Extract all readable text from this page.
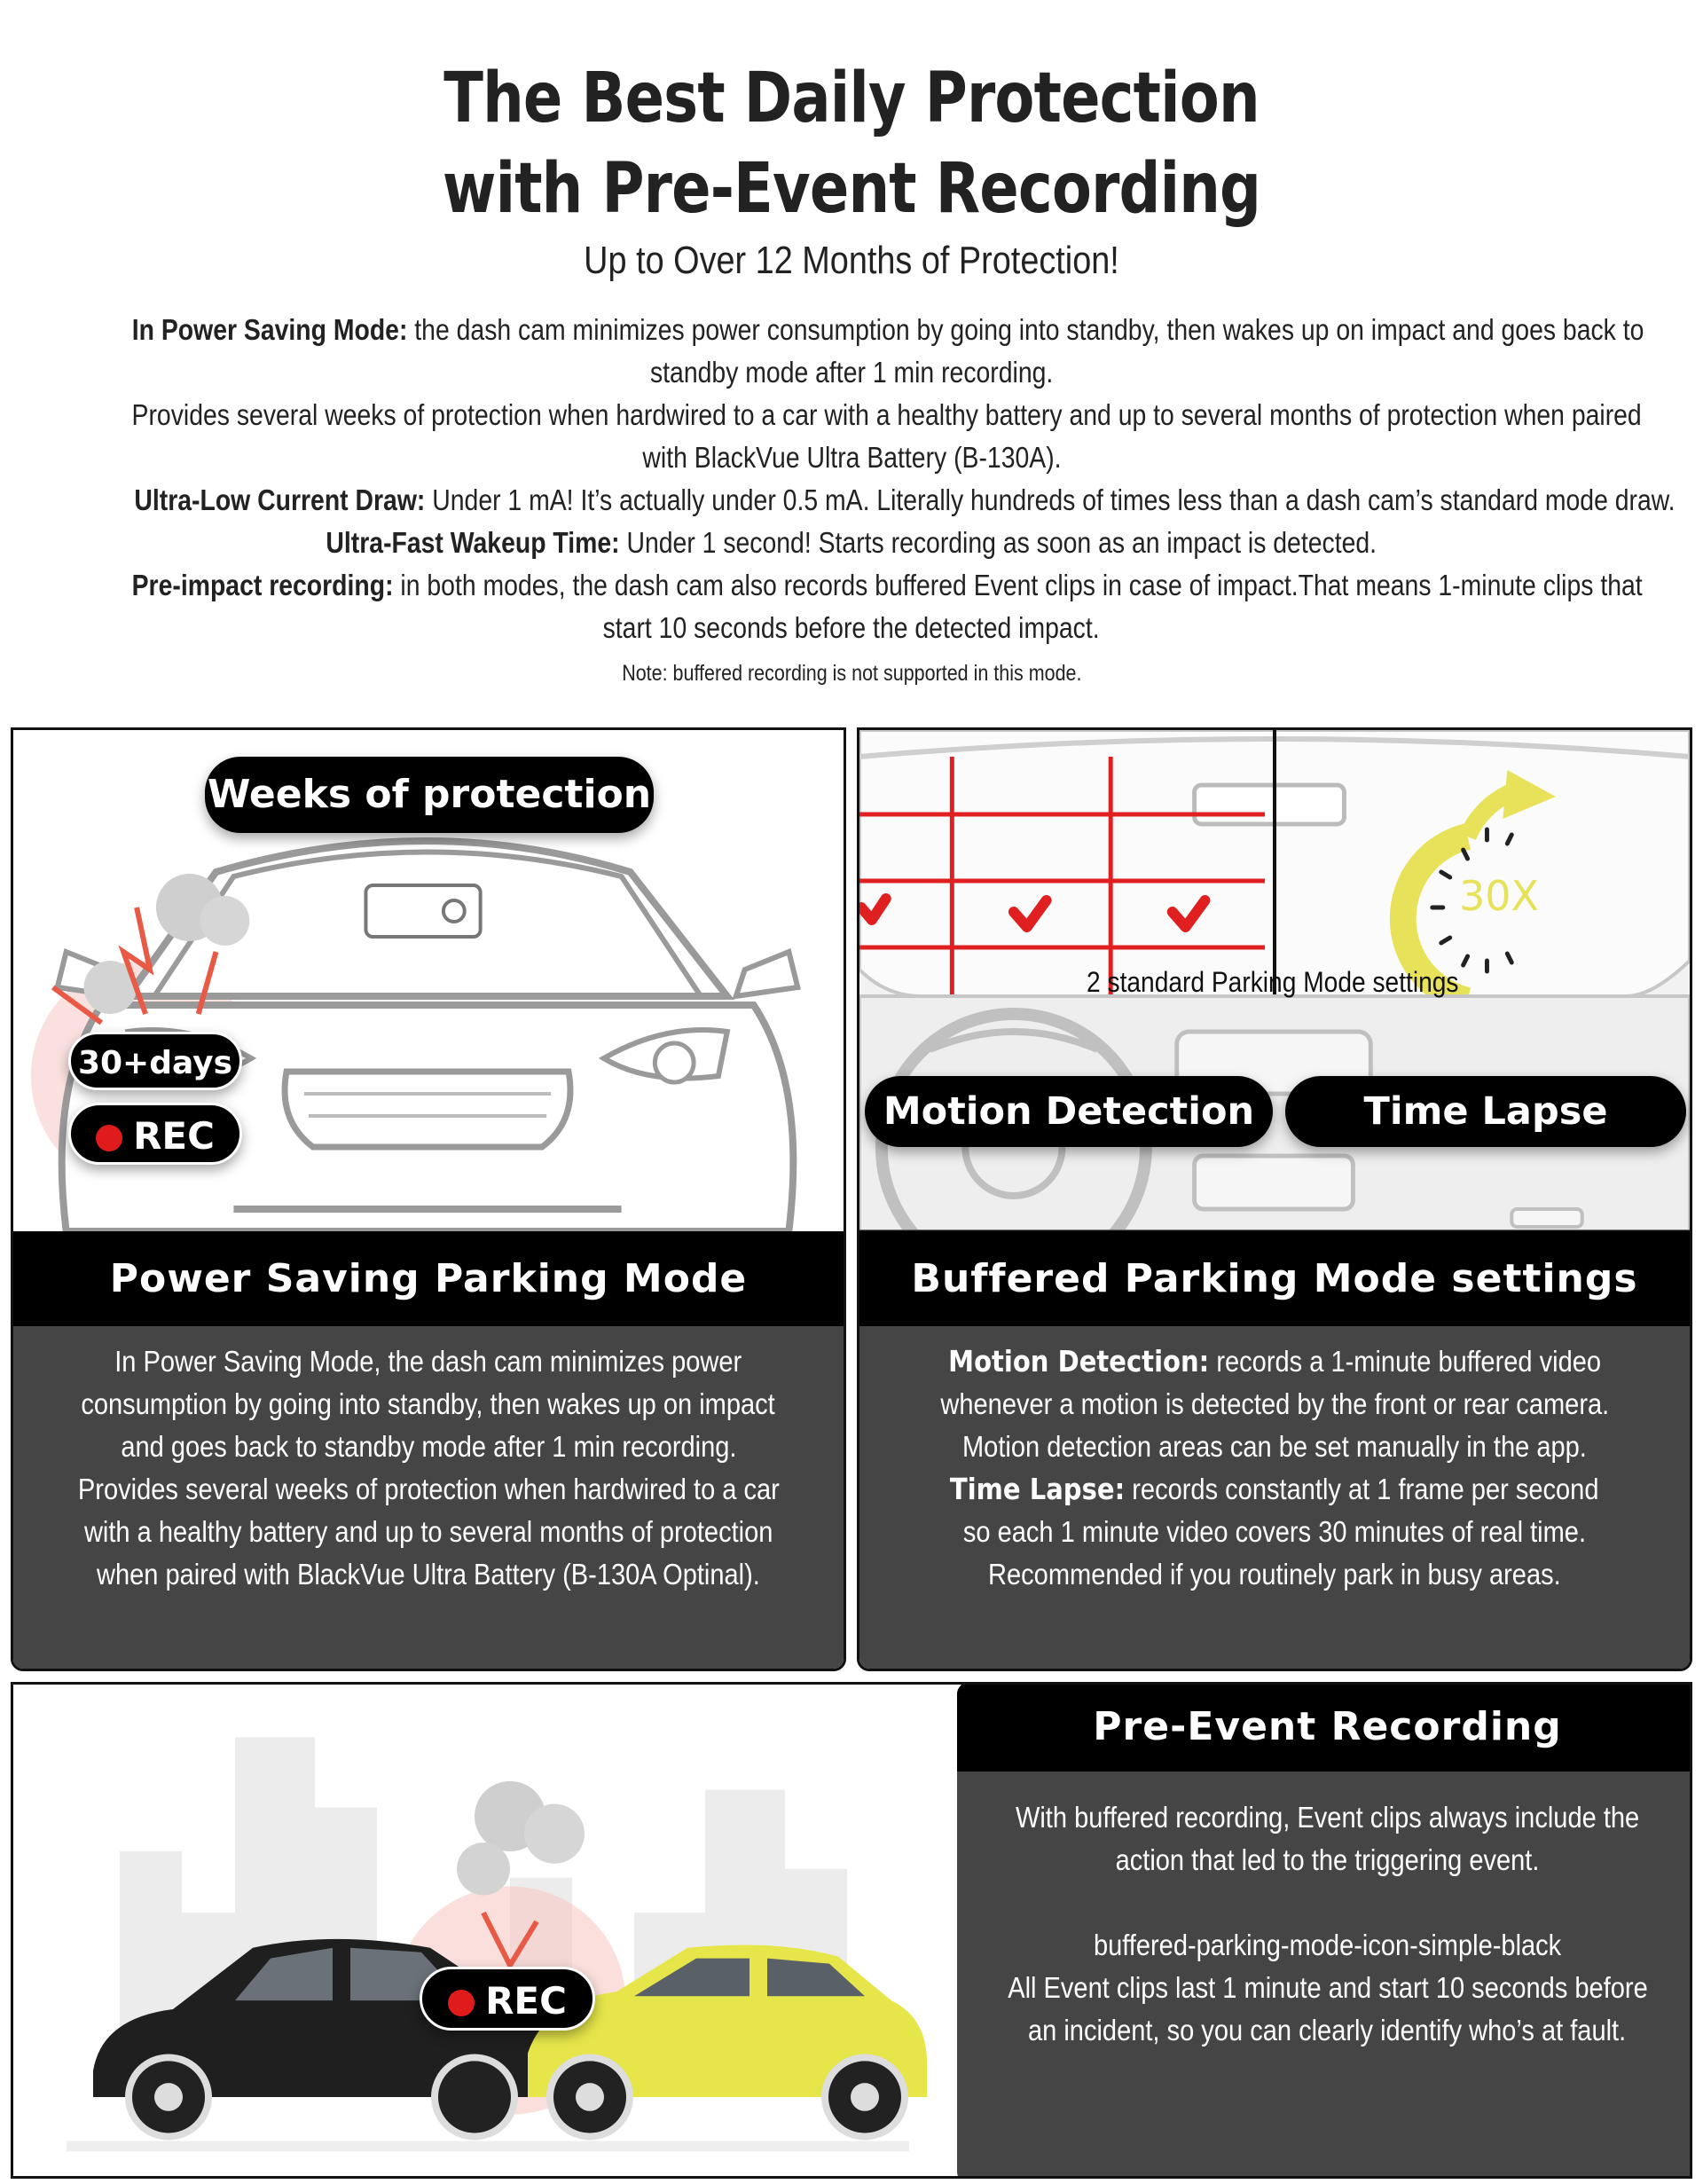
The Best Daily Protection
with Pre-Event Recording
Up to Over 12 Months of Protection!
In Power Saving Mode: the dash cam minimizes power consumption by going into standby, then wakes up on impact and goes back to
standby mode after 1 min recording.
Provides several weeks of protection when hardwired to a car with a healthy battery and up to several months of protection when paired
with BlackVue Ultra Battery (B-130A).
Ultra-Low Current Draw: Under 1 mA! It’s actually under 0.5 mA. Literally hundreds of times less than a dash cam’s standard mode draw.
Ultra-Fast Wakeup Time: Under 1 second! Starts recording as soon as an impact is detected.
Pre-impact recording: in both modes, the dash cam also records buffered Event clips in case of impact.That means 1-minute clips that
start 10 seconds before the detected impact.
Note: buffered recording is not supported in this mode.
Weeks of protection
30+days
REC
Power Saving Parking Mode
In Power Saving Mode, the dash cam minimizes power
consumption by going into standby, then wakes up on impact
and goes back to standby mode after 1 min recording.
Provides several weeks of protection when hardwired to a car
with a healthy battery and up to several months of protection
when paired with BlackVue Ultra Battery (B-130A Optinal).
2 standard Parking Mode settings
30X
Motion Detection	Time Lapse
Buffered Parking Mode settings
Motion Detection: records a 1-minute buffered video
whenever a motion is detected by the front or rear camera.
Motion detection areas can be set manually in the app.
Time Lapse: records constantly at 1 frame per second
so each 1 minute video covers 30 minutes of real time.
Recommended if you routinely park in busy areas.
REC
Pre-Event Recording
With buffered recording, Event clips always include the
action that led to the triggering event.

buffered-parking-mode-icon-simple-black
All Event clips last 1 minute and start 10 seconds before
an incident, so you can clearly identify who’s at fault.
